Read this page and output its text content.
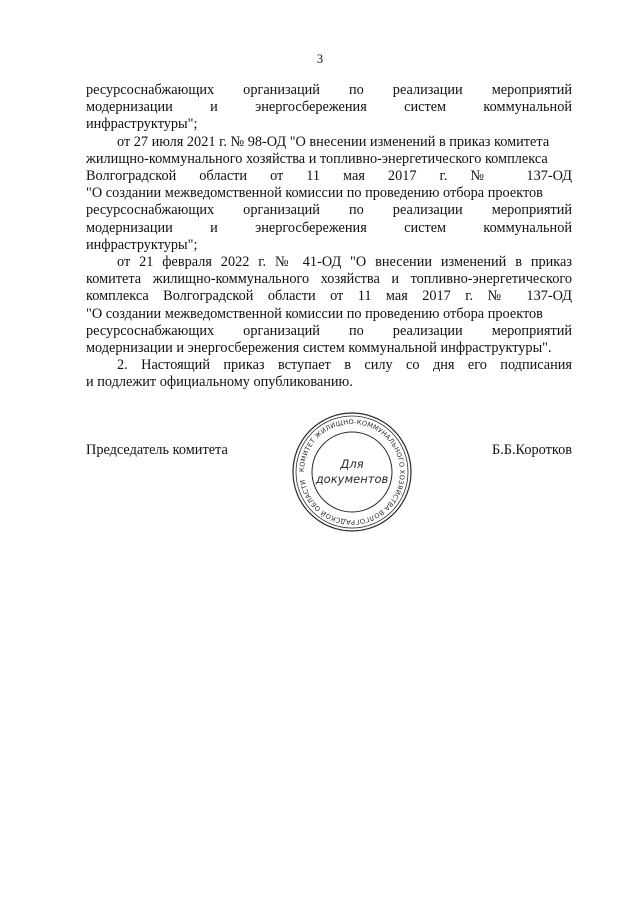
3
ресурсоснабжающих организаций по реализации мероприятий
модернизации и энергосбережения систем коммунальной
инфраструктуры";
от 27 июля 2021 г. № 98-ОД "О внесении изменений в приказ комитета
жилищно-коммунального хозяйства и топливно-энергетического комплекса
Волгоградской области от 11 мая 2017 г. № 137-ОД
"О создании межведомственной комиссии по проведению отбора проектов
ресурсоснабжающих организаций по реализации мероприятий
модернизации и энергосбережения систем коммунальной
инфраструктуры";
от 21 февраля 2022 г. № 41-ОД "О внесении изменений в приказ
комитета жилищно-коммунального хозяйства и топливно-энергетического
комплекса Волгоградской области от 11 мая 2017 г. № 137-ОД
"О создании межведомственной комиссии по проведению отбора проектов
ресурсоснабжающих организаций по реализации мероприятий
модернизации и энергосбережения систем коммунальной инфраструктуры".
2. Настоящий приказ вступает в силу со дня его подписания
и подлежит официальному опубликованию.
Председатель комитета	Б.Б.Коротков
КОМИТЕТ ЖИЛИЩНО-КОММУНАЛЬНОГО ХОЗЯЙСТВА ВОЛГОГРАДСКОЙ ОБЛАСТИ
Для
документов
